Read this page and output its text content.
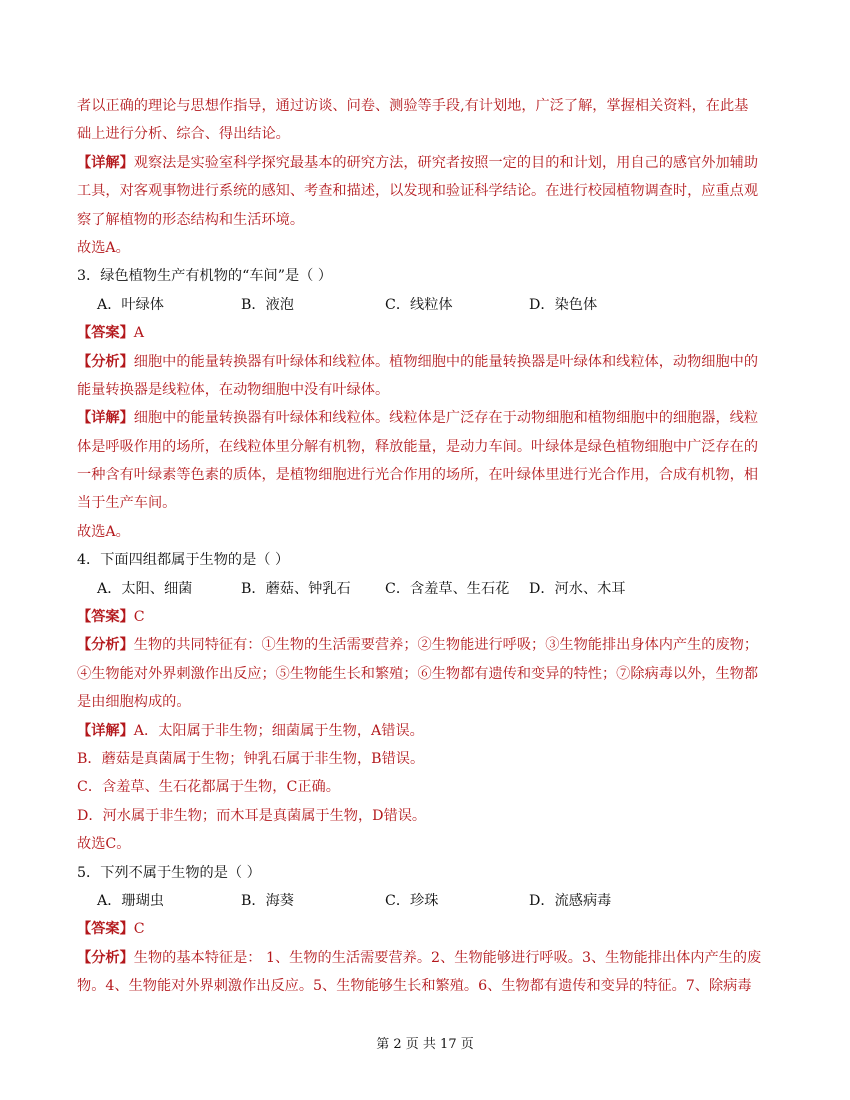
者以正确的理论与思想作指导，通过访谈、问卷、测验等手段,有计划地，广泛了解，掌握相关资料，在此基
础上进行分析、综合、得出结论。
【详解】观察法是实验室科学探究最基本的研究方法，研究者按照一定的目的和计划，用自己的感官外加辅助
工具，对客观事物进行系统的感知、考查和描述，以发现和验证科学结论。在进行校园植物调查时，应重点观
察了解植物的形态结构和生活环境。
故选A。
3．绿色植物生产有机物的“车间”是（ ）
A．叶绿体	B．液泡	C．线粒体	D．染色体
【答案】A
【分析】细胞中的能量转换器有叶绿体和线粒体。植物细胞中的能量转换器是叶绿体和线粒体，动物细胞中的
能量转换器是线粒体，在动物细胞中没有叶绿体。
【详解】细胞中的能量转换器有叶绿体和线粒体。线粒体是广泛存在于动物细胞和植物细胞中的细胞器，线粒
体是呼吸作用的场所，在线粒体里分解有机物，释放能量，是动力车间。叶绿体是绿色植物细胞中广泛存在的
一种含有叶绿素等色素的质体，是植物细胞进行光合作用的场所，在叶绿体里进行光合作用，合成有机物，相
当于生产车间。
故选A。
4．下面四组都属于生物的是（ ）
A．太阳、细菌	B．蘑菇、钟乳石	C．含羞草、生石花	D．河水、木耳
【答案】C
【分析】生物的共同特征有：①生物的生活需要营养；②生物能进行呼吸；③生物能排出身体内产生的废物；
④生物能对外界刺激作出反应；⑤生物能生长和繁殖；⑥生物都有遗传和变异的特性；⑦除病毒以外，生物都
是由细胞构成的。
【详解】A．太阳属于非生物；细菌属于生物，A错误。
B．蘑菇是真菌属于生物；钟乳石属于非生物，B错误。
C．含羞草、生石花都属于生物，C正确。
D．河水属于非生物；而木耳是真菌属于生物，D错误。
故选C。
5．下列不属于生物的是（ ）
A．珊瑚虫	B．海葵	C．珍珠	D．流感病毒
【答案】C
【分析】生物的基本特征是： 1、生物的生活需要营养。2、生物能够进行呼吸。3、生物能排出体内产生的废
物。4、生物能对外界刺激作出反应。5、生物能够生长和繁殖。6、生物都有遗传和变异的特征。7、除病毒
第 2 页 共 17 页
